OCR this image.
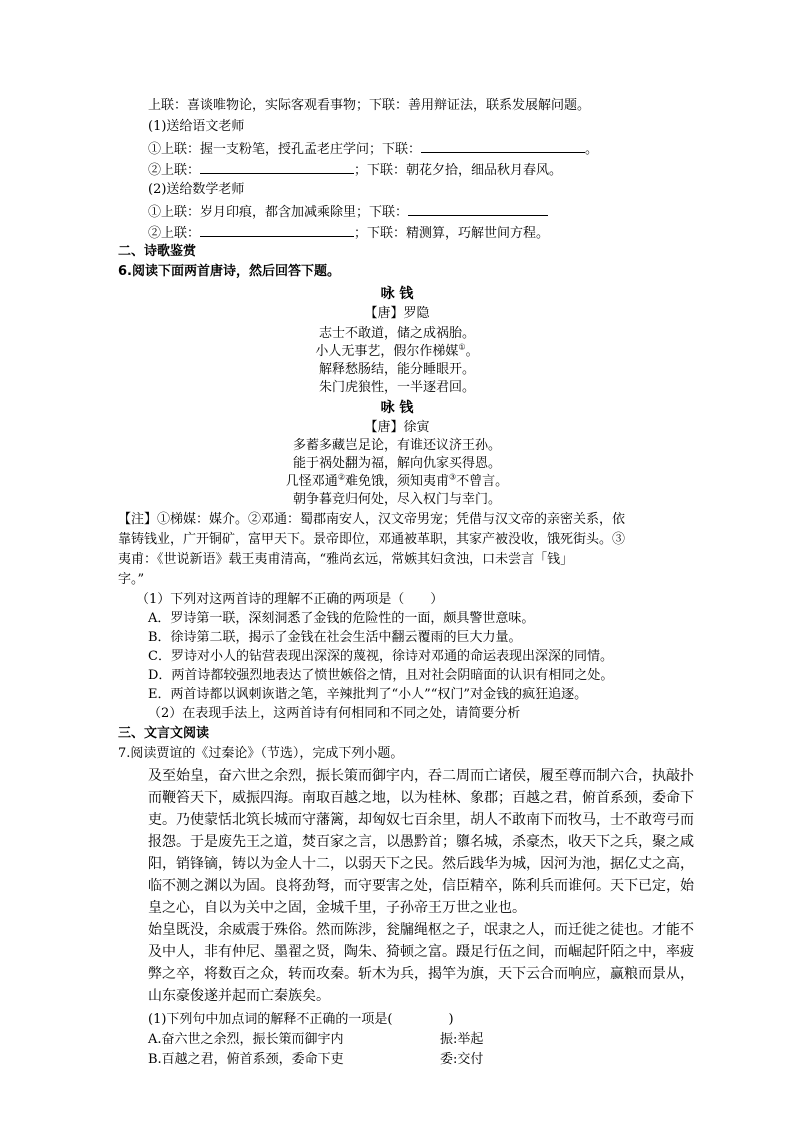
上联：喜谈唯物论，实际客观看事物；下联：善用辩证法，联系发展解问题。
(1)送给语文老师
①上联：握一支粉笔，授孔孟老庄学问；下联：	。
②上联：	；下联：朝花夕拾，细品秋月春风。
(2)送给数学老师
①上联：岁月印痕，都含加减乘除里；下联：
②上联：	；下联：精测算，巧解世间方程。
二、诗歌鉴赏
6.阅读下面两首唐诗，然后回答下题。
咏 钱
【唐】罗隐
志士不敢道，储之成祸胎。
小人无事艺，假尔作梯媒①。
解释愁肠结，能分睡眼开。
朱门虎狼性，一半逐君回。
咏 钱
【唐】徐寅
多蓄多藏岂足论，有谁还议济王孙。
能于祸处翻为福，解向仇家买得恩。
几怪邓通②难免饿，须知夷甫③不曾言。
朝争暮竞归何处，尽入权门与幸门。
【注】①梯媒：媒介。②邓通：蜀郡南安人，汉文帝男宠；凭借与汉文帝的亲密关系，依
靠铸钱业，广开铜矿，富甲天下。景帝即位，邓通被革职，其家产被没收，饿死街头。③
夷甫：《世说新语》载王夷甫清高，“雅尚玄远，常嫉其妇贪浊，口未尝言「钱」
字。”
（1）下列对这两首诗的理解不正确的两项是（　　）
A．罗诗第一联，深刻洞悉了金钱的危险性的一面，颇具警世意味。
B．徐诗第二联，揭示了金钱在社会生活中翻云覆雨的巨大力量。
C．罗诗对小人的钻营表现出深深的蔑视，徐诗对邓通的命运表现出深深的同情。
D．两首诗都较强烈地表达了愤世嫉俗之情，且对社会阴暗面的认识有相同之处。
E．两首诗都以讽刺诙谐之笔，辛辣批判了“小人”“权门”对金钱的疯狂追逐。
（2）在表现手法上，这两首诗有何相同和不同之处，请简要分析
三、文言文阅读
7.阅读贾谊的《过秦论》（节选），完成下列小题。
及至始皇，奋六世之余烈，振长策而御宇内，吞二周而亡诸侯，履至尊而制六合，执敲扑
而鞭笞天下，威振四海。南取百越之地，以为桂林、象郡；百越之君，俯首系颈，委命下
吏。乃使蒙恬北筑长城而守藩篱，却匈奴七百余里，胡人不敢南下而牧马，士不敢弯弓而
报怨。于是废先王之道，焚百家之言，以愚黔首；隳名城，杀豪杰，收天下之兵，聚之咸
阳，销锋镝，铸以为金人十二，以弱天下之民。然后践华为城，因河为池，据亿丈之高，
临不测之渊以为固。良将劲弩，而守要害之处，信臣精卒，陈利兵而谁何。天下已定，始
皇之心，自以为关中之固，金城千里，子孙帝王万世之业也。
始皇既没，余威震于殊俗。然而陈涉，瓮牖绳枢之子，氓隶之人，而迁徙之徒也。才能不
及中人，非有仲尼、墨翟之贤，陶朱、猗顿之富。蹑足行伍之间，而崛起阡陌之中，率疲
弊之卒，将数百之众，转而攻秦。斩木为兵，揭竿为旗，天下云合而响应，赢粮而景从，
山东豪俊遂并起而亡秦族矣。
(1)下列句中加点词的解释不正确的一项是(	)
A.奋六世之余烈，振长策而御宇内	振:举起
B.百越之君，俯首系颈，委命下吏	委:交付
